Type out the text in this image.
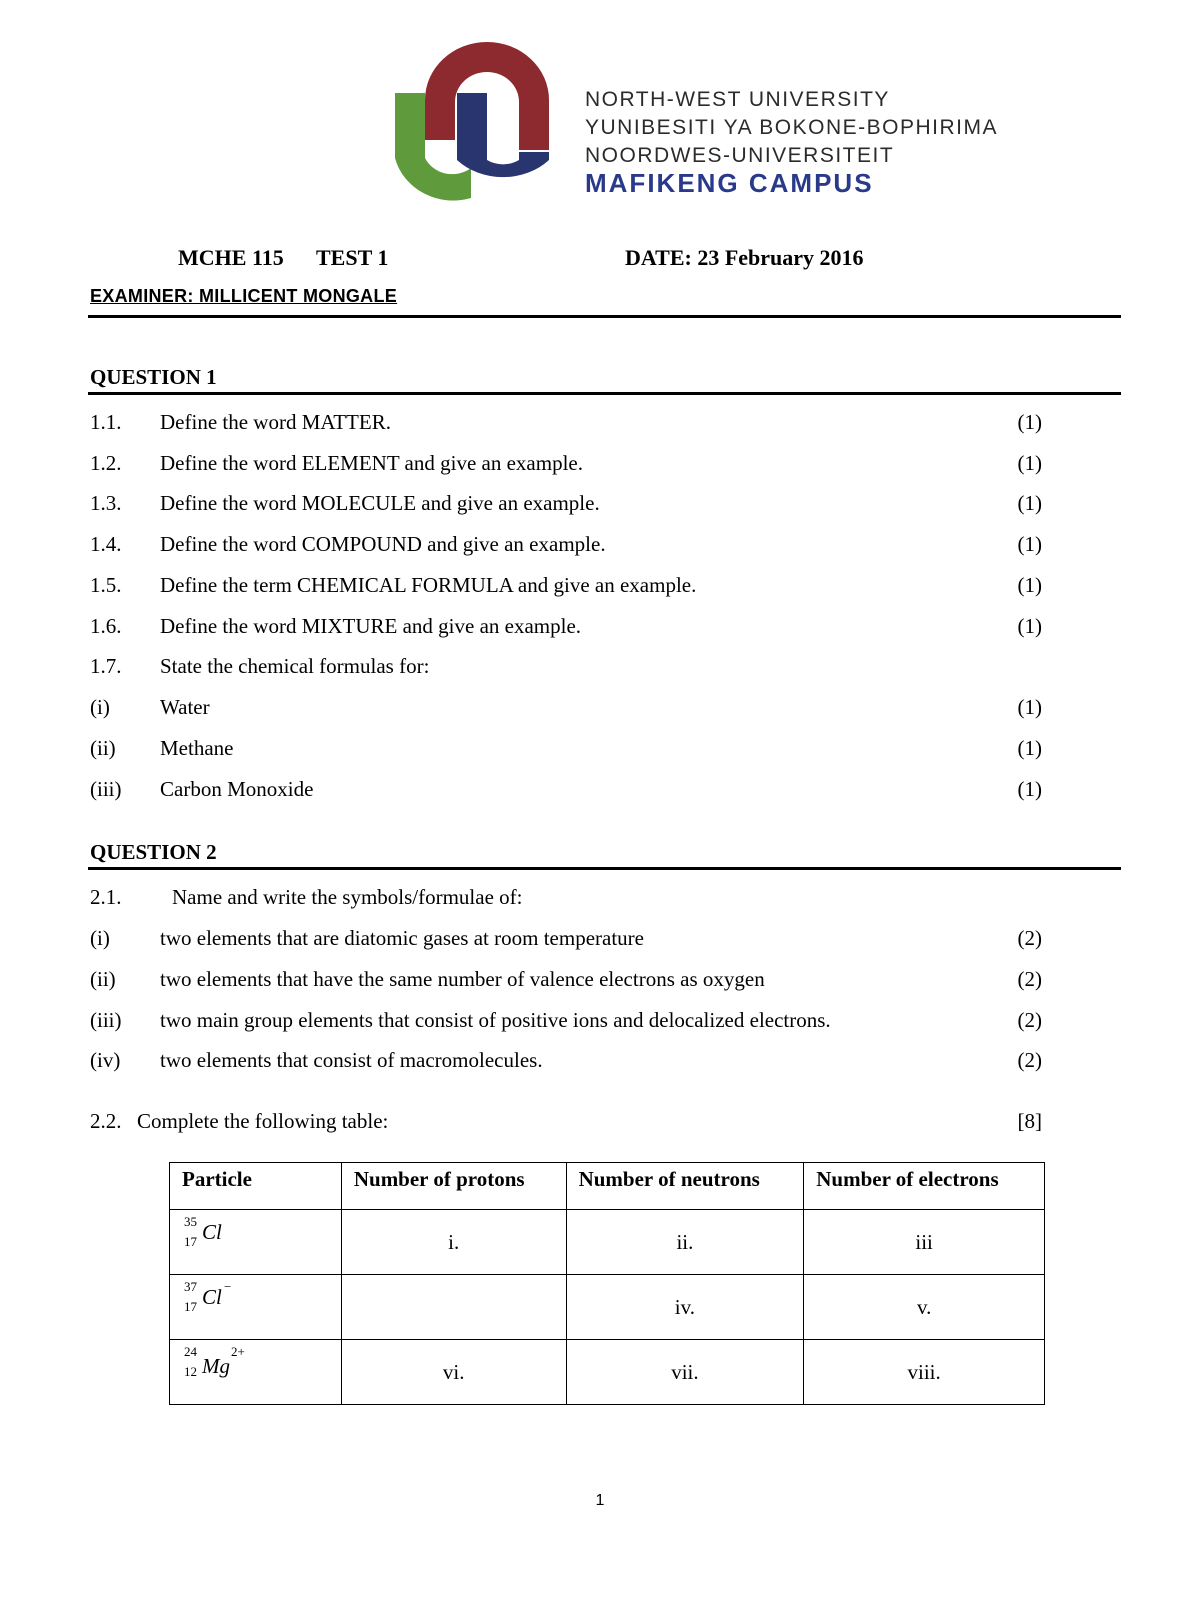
NORTH-WEST UNIVERSITY
YUNIBESITI YA BOKONE-BOPHIRIMA
NOORDWES-UNIVERSITEIT
MAFIKENG CAMPUS
MCHE 115 TEST 1	DATE: 23 February 2016
EXAMINER: MILLICENT MONGALE
QUESTION 1
1.1. Define the word MATTER.	(1)
1.2. Define the word ELEMENT and give an example.	(1)
1.3. Define the word MOLECULE and give an example.	(1)
1.4. Define the word COMPOUND and give an example.	(1)
1.5. Define the term CHEMICAL FORMULA and give an example.	(1)
1.6. Define the word MIXTURE and give an example.	(1)
1.7. State the chemical formulas for:
(i) Water	(1)
(ii) Methane	(1)
(iii) Carbon Monoxide	(1)
QUESTION 2
2.1. Name and write the symbols/formulae of:
(i) two elements that are diatomic gases at room temperature	(2)
(ii) two elements that have the same number of valence electrons as oxygen	(2)
(iii) two main group elements that consist of positive ions and delocalized electrons.	(2)
(iv) two elements that consist of macromolecules.	(2)
2.2. Complete the following table:	[8]
Particle	Number of protons	Number of neutrons	Number of electrons

35
17 Cl	i.	ii.	iii

37
17 Cl −		iv.	v.

24
12 Mg
2+	vi.	vii.	viii.
1
